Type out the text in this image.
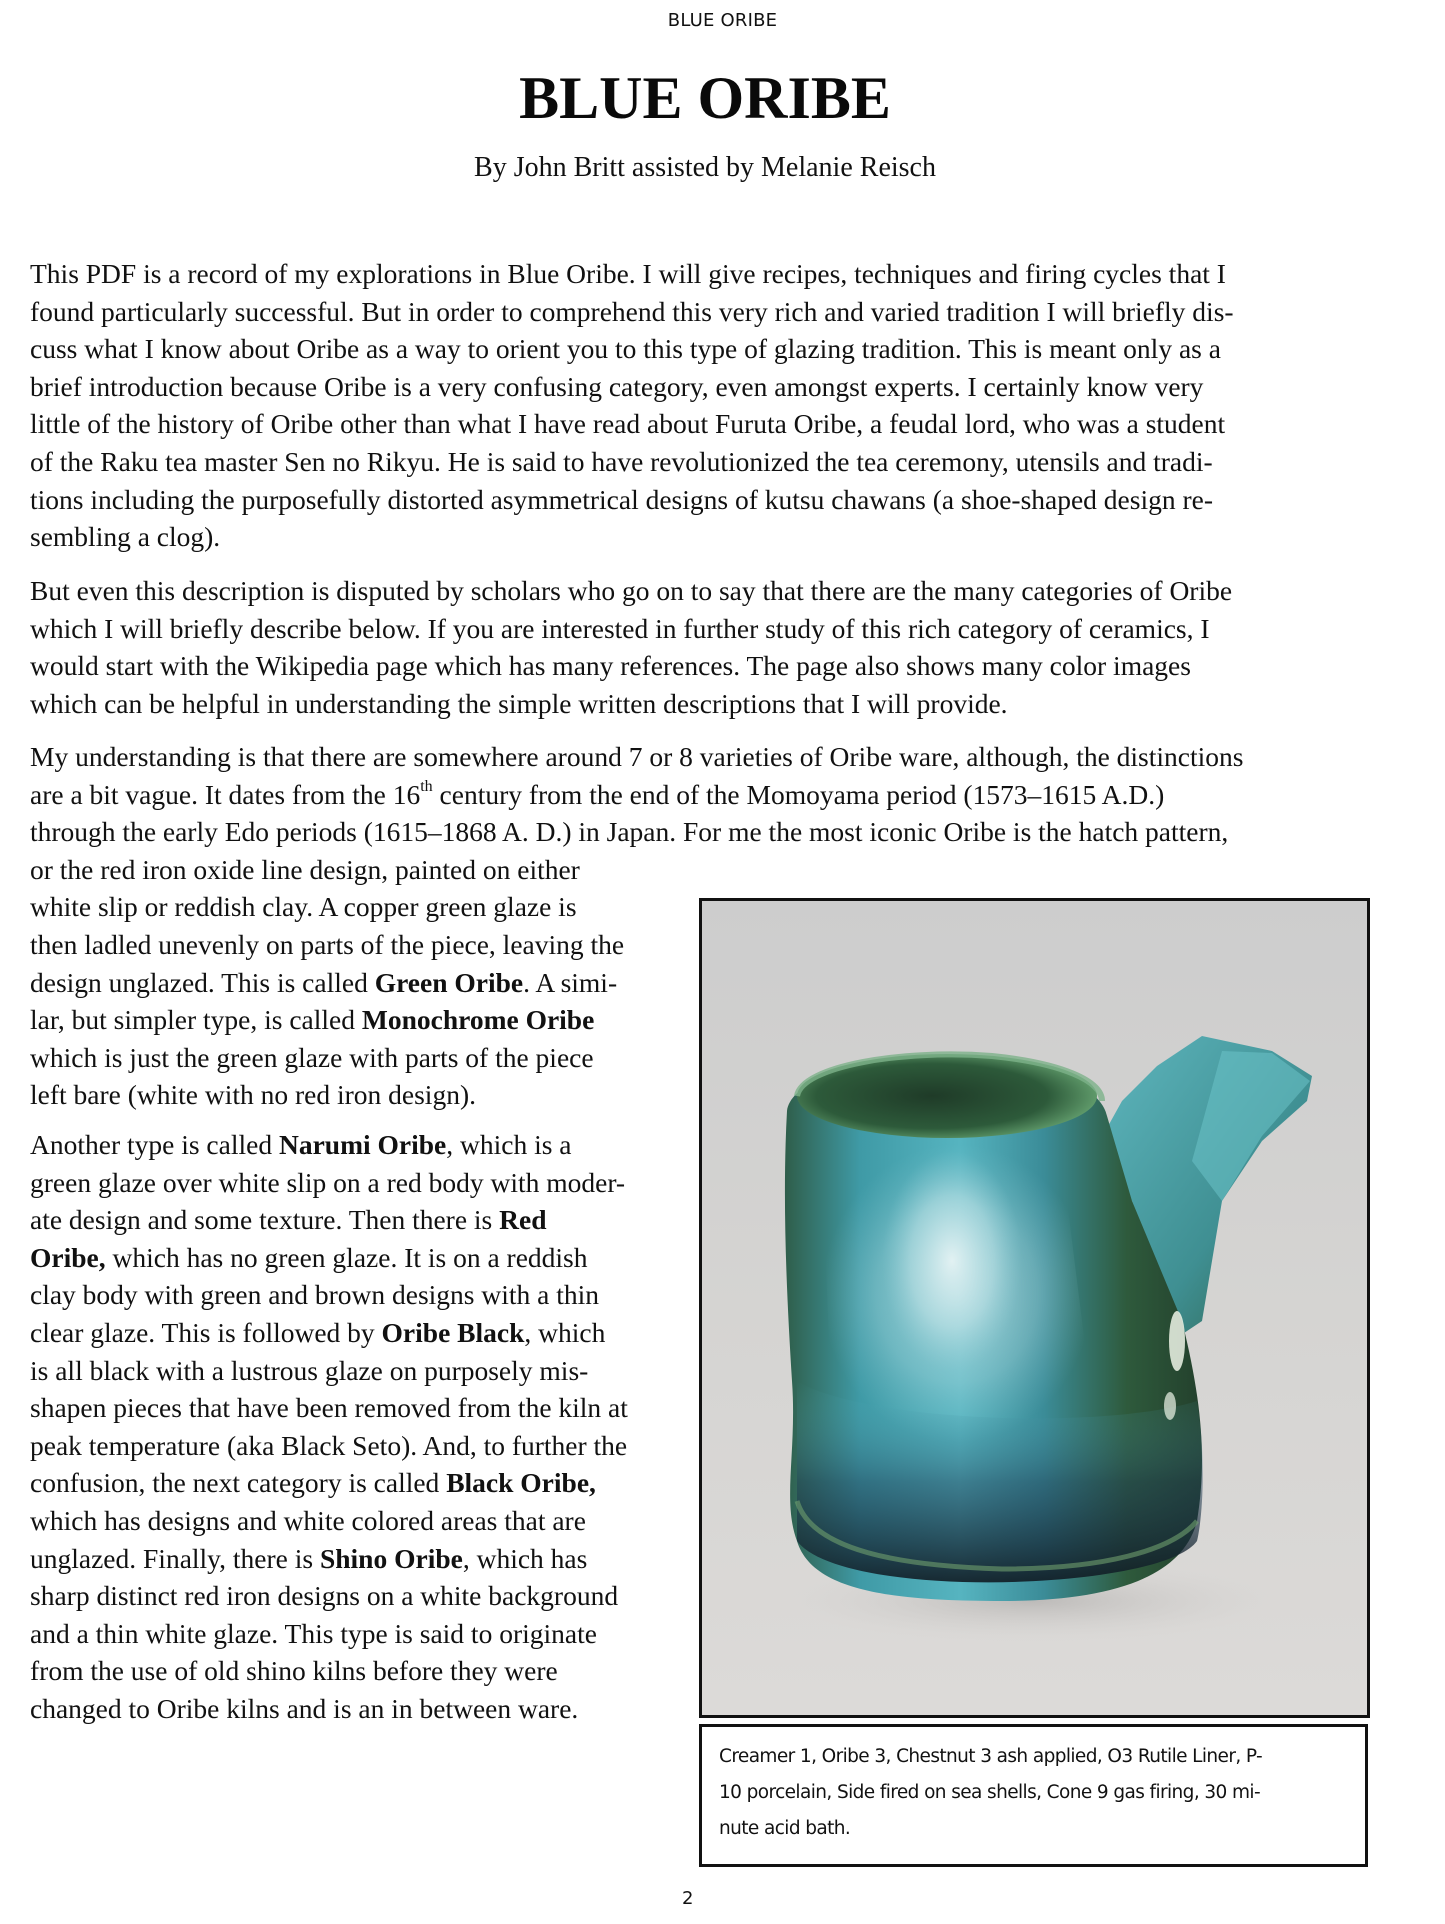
BLUE ORIBE
BLUE ORIBE
By John Britt assisted by Melanie Reisch

This PDF is a record of my explorations in Blue Oribe. I will give recipes, techniques and firing cycles that I
found particularly successful. But in order to comprehend this very rich and varied tradition I will briefly dis-
cuss what I know about Oribe as a way to orient you to this type of glazing tradition. This is meant only as a
brief introduction because Oribe is a very confusing category, even amongst experts. I certainly know very
little of the history of Oribe other than what I have read about Furuta Oribe, a feudal lord, who was a student
of the Raku tea master Sen no Rikyu. He is said to have revolutionized the tea ceremony, utensils and tradi-
tions including the purposefully distorted asymmetrical designs of kutsu chawans (a shoe-shaped design re-
sembling a clog).

But even this description is disputed by scholars who go on to say that there are the many categories of Oribe
which I will briefly describe below. If you are interested in further study of this rich category of ceramics, I
would start with the Wikipedia page which has many references. The page also shows many color images
which can be helpful in understanding the simple written descriptions that I will provide.

My understanding is that there are somewhere around 7 or 8 varieties of Oribe ware, although, the distinctions
are a bit vague. It dates from the 16th century from the end of the Momoyama period (1573–1615 A.D.)
through the early Edo periods (1615–1868 A. D.) in Japan. For me the most iconic Oribe is the hatch pattern,
or the red iron oxide line design, painted on either
white slip or reddish clay. A copper green glaze is
then ladled unevenly on parts of the piece, leaving the
design unglazed. This is called Green Oribe. A simi-
lar, but simpler type, is called Monochrome Oribe
which is just the green glaze with parts of the piece
left bare (white with no red iron design).

Another type is called Narumi Oribe, which is a
green glaze over white slip on a red body with moder-
ate design and some texture. Then there is Red
Oribe, which has no green glaze. It is on a reddish
clay body with green and brown designs with a thin
clear glaze. This is followed by Oribe Black, which
is all black with a lustrous glaze on purposely mis-
shapen pieces that have been removed from the kiln at
peak temperature (aka Black Seto). And, to further the
confusion, the next category is called Black Oribe,
which has designs and white colored areas that are
unglazed. Finally, there is Shino Oribe, which has
sharp distinct red iron designs on a white background
and a thin white glaze. This type is said to originate
from the use of old shino kilns before they were
changed to Oribe kilns and is an in between ware.

Creamer 1, Oribe 3, Chestnut 3 ash applied, O3 Rutile Liner, P-
10 porcelain, Side fired on sea shells, Cone 9 gas firing, 30 mi-
nute acid bath.
2
